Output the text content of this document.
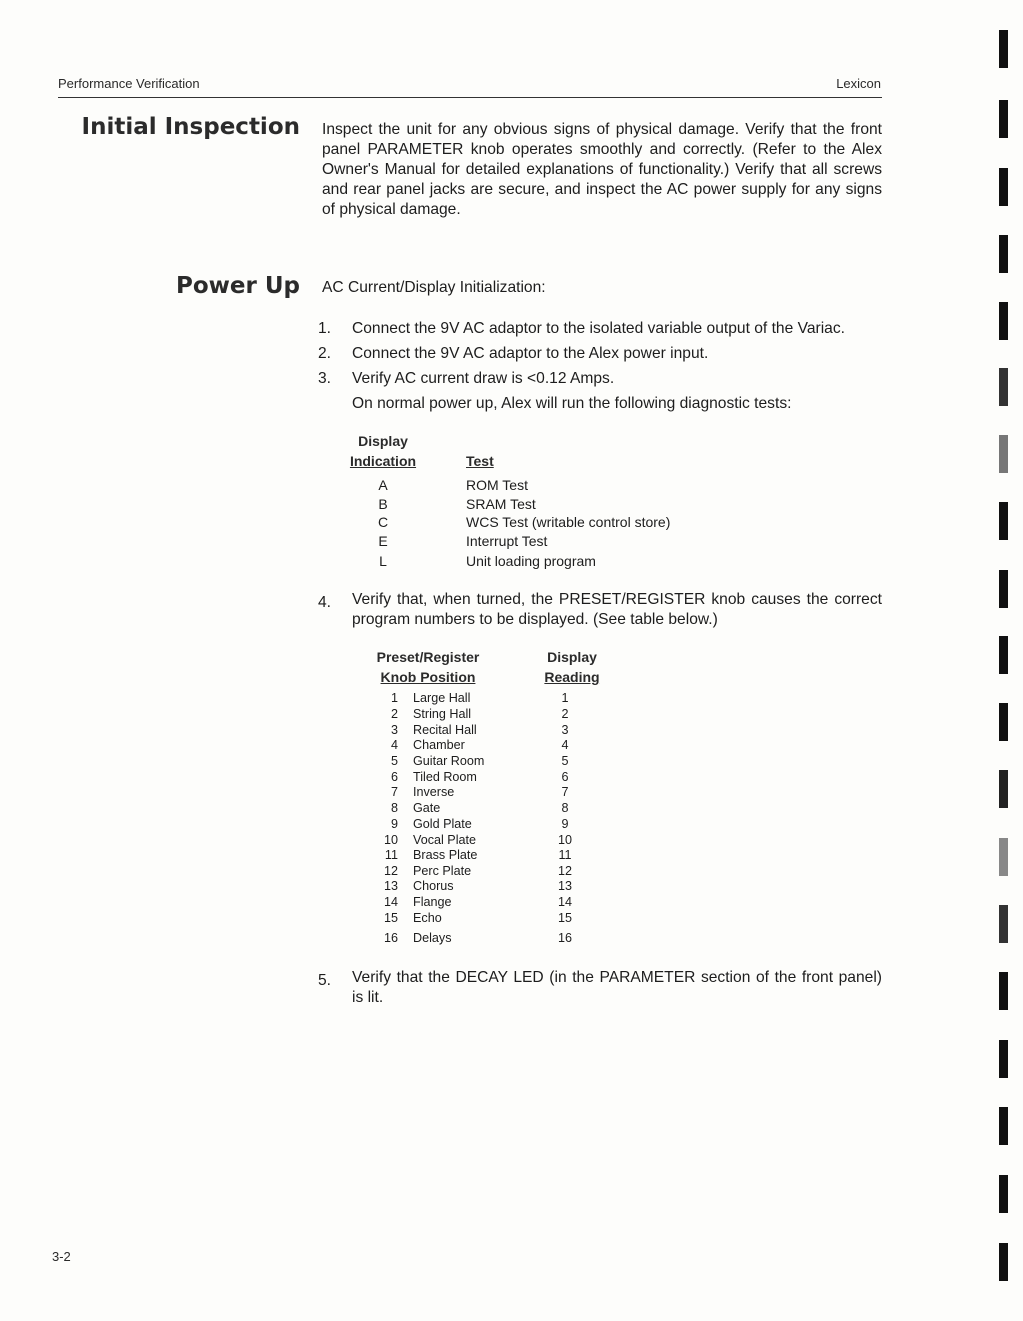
Performance Verification	Lexicon
Initial Inspection Inspect the unit for any obvious signs of physical damage. Verify that the front panel PARAMETER knob operates smoothly and correctly. (Refer to the Alex Owner's Manual for detailed explanations of functionality.) Verify that all screws and rear panel jacks are secure, and inspect the AC power supply for any signs of physical damage.
Power Up AC Current/Display Initialization:
1.	Connect the 9V AC adaptor to the isolated variable output of the Variac.
2.	Connect the 9V AC adaptor to the Alex power input.
3.	Verify AC current draw is <0.12 Amps.
On normal power up, Alex will run the following diagnostic tests:
Display
Indication	Test
A	ROM Test
B	SRAM Test
C	WCS Test (writable control store)
E	Interrupt Test
L	Unit loading program
4.	Verify that, when turned, the PRESET/REGISTER knob causes the correct program numbers to be displayed. (See table below.)
Preset/Register
Knob Position
Display
Reading
1 Large Hall	1
2 String Hall	2
3 Recital Hall	3
4 Chamber	4
5 Guitar Room	5
6 Tiled Room	6
7 Inverse	7
8 Gate	8
9 Gold Plate	9
10 Vocal Plate	10
11 Brass Plate	11
12 Perc Plate	12
13 Chorus	13
14 Flange	14
15 Echo	15
16 Delays	16
5.	Verify that the DECAY LED (in the PARAMETER section of the front panel) is lit.
3-2
